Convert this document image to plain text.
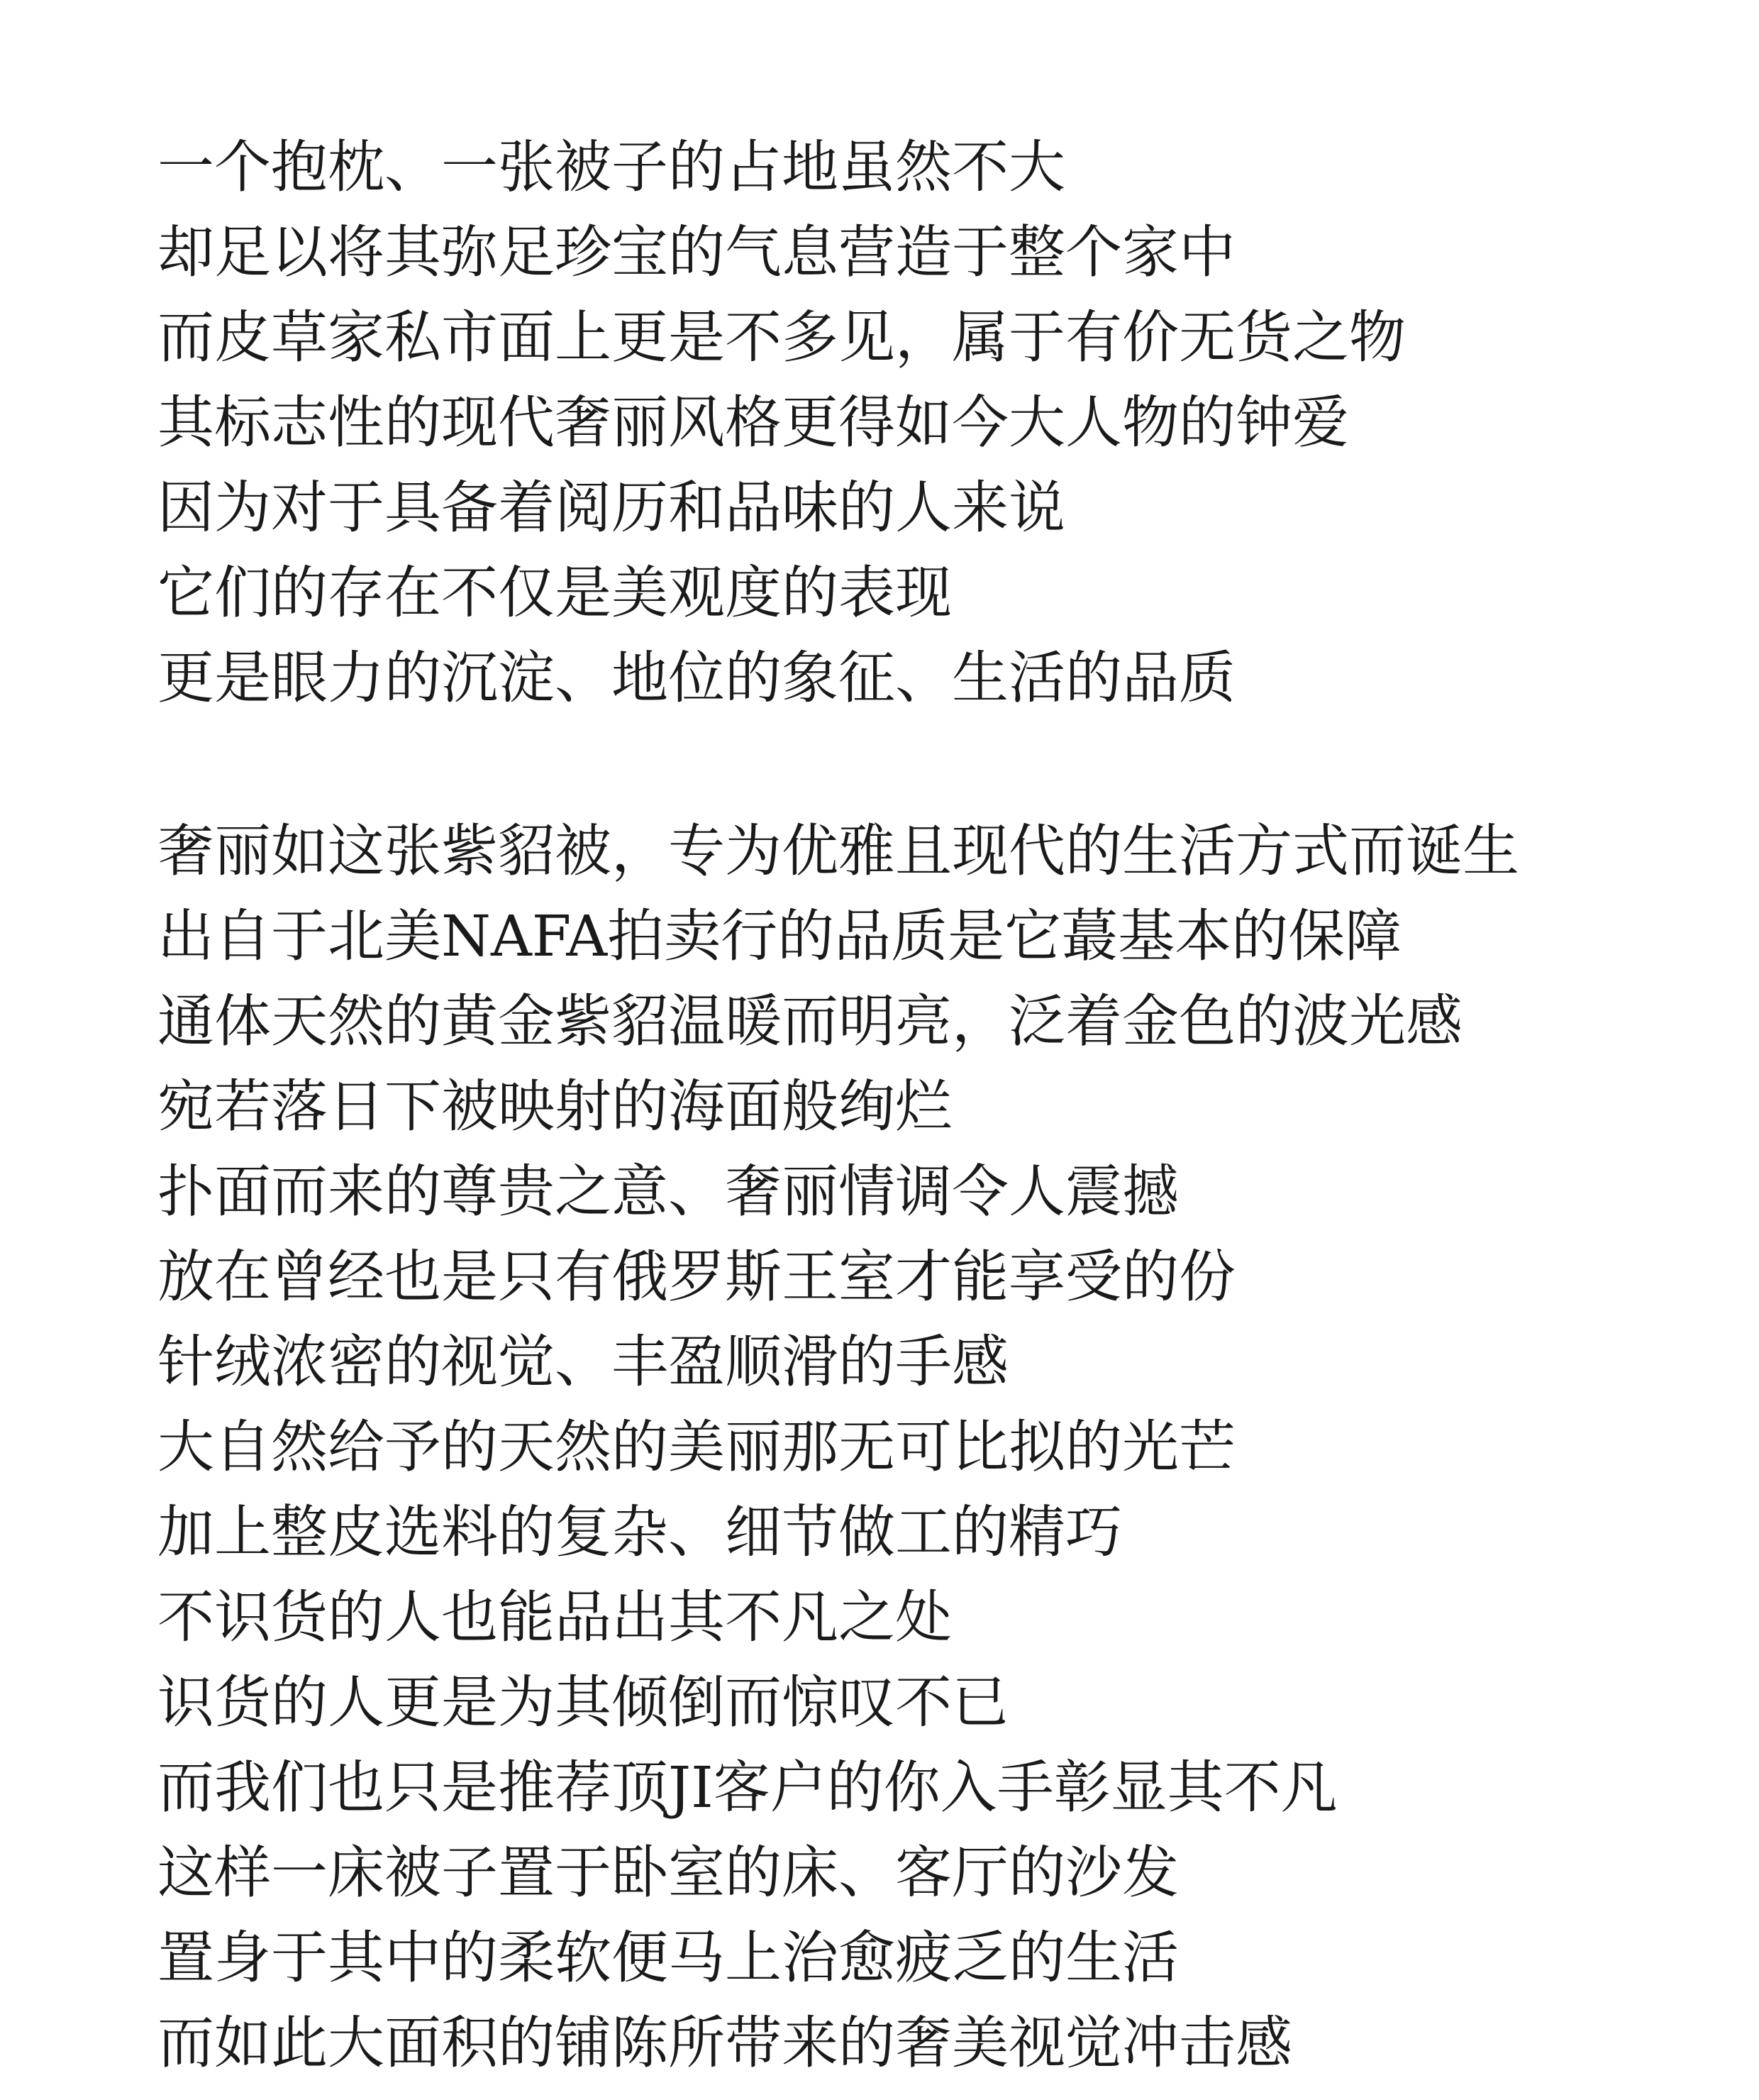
一个抱枕、一张被子的占地虽然不大
却足以将其弥足珍宝的气息营造于整个家中
而皮草家私市面上更是不多见，属于有价无货之物
其标志性的现代奢丽风格更得如今大人物的钟爱
因为对于具备着阅历和品味的人来说
它们的存在不仅是美观度的表现
更是眼力的沉淀、地位的象征、生活的品质
奢丽如这张紫貂被，专为优雅且现代的生活方式而诞生
出自于北美NAFA拍卖行的品质是它蕞基本的保障
通体天然的黄金紫貂温暖而明亮，泛着金色的波光感
宛若落日下被映射的海面般绚烂
扑面而来的尊贵之意、奢丽情调令人震撼
放在曾经也是只有俄罗斯王室才能享受的份
针绒浓密的视觉、丰盈顺滑的手感
大自然给予的天然的美丽那无可比拟的光芒
加上整皮选料的复杂、细节做工的精巧
不识货的人也能品出其不凡之处
识货的人更是为其倾倒而惊叹不已
而我们也只是推荐顶JI客户的你入手彰显其不凡
这样一床被子置于卧室的床、客厅的沙发
置身于其中的柔软便马上治愈疲乏的生活
而如此大面积的铺陈所带来的奢美视觉冲击感
